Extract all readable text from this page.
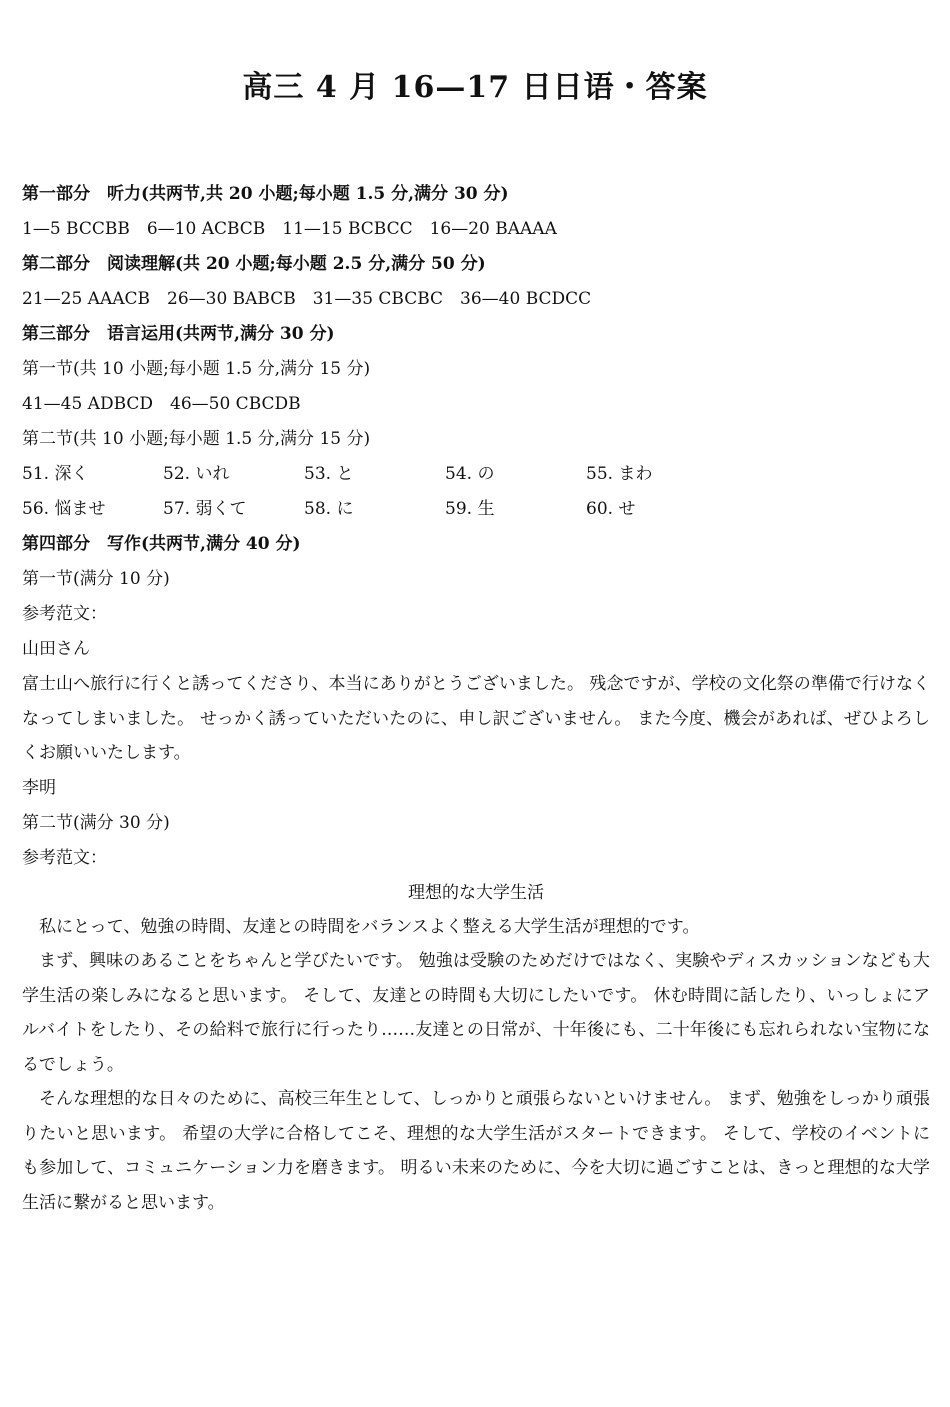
高三 4 月 16—17 日日语・答案
第一部分　听力(共两节,共 20 小题;每小题 1.5 分,满分 30 分)
1—5 BCCBB　6—10 ACBCB　11—15 BCBCC　16—20 BAAAA
第二部分　阅读理解(共 20 小题;每小题 2.5 分,满分 50 分)
21—25 AAACB　26—30 BABCB　31—35 CBCBC　36—40 BCDCC
第三部分　语言运用(共两节,满分 30 分)
第一节(共 10 小题;每小题 1.5 分,满分 15 分)
41—45 ADBCD　46—50 CBCDB
第二节(共 10 小题;每小题 1.5 分,满分 15 分)
51. 深く	52. いれ	53. と	54. の	55. まわ
56. 悩ませ	57. 弱くて	58. に	59. 生	60. せ
第四部分　写作(共两节,满分 40 分)
第一节(满分 10 分)
参考范文：
山田さん

富士山へ旅行に行くと誘ってくださり、本当にありがとうございました。 残念ですが、学校の文化祭の準備で行けなくなってしまいました。 せっかく誘っていただいたのに、申し訳ございません。 また今度、機会があれば、ぜひよろしくお願いいたします。

李明
第二节(满分 30 分)
参考范文：
理想的な大学生活

私にとって、勉強の時間、友達との時間をバランスよく整える大学生活が理想的です。

まず、興味のあることをちゃんと学びたいです。 勉強は受験のためだけではなく、実験やディスカッションなども大学生活の楽しみになると思います。 そして、友達との時間も大切にしたいです。 休む時間に話したり、いっしょにアルバイトをしたり、その給料で旅行に行ったり……友達との日常が、十年後にも、二十年後にも忘れられない宝物になるでしょう。

そんな理想的な日々のために、高校三年生として、しっかりと頑張らないといけません。 まず、勉強をしっかり頑張りたいと思います。 希望の大学に合格してこそ、理想的な大学生活がスタートできます。 そして、学校のイベントにも参加して、コミュニケーション力を磨きます。 明るい未来のために、今を大切に過ごすことは、きっと理想的な大学生活に繋がると思います。
